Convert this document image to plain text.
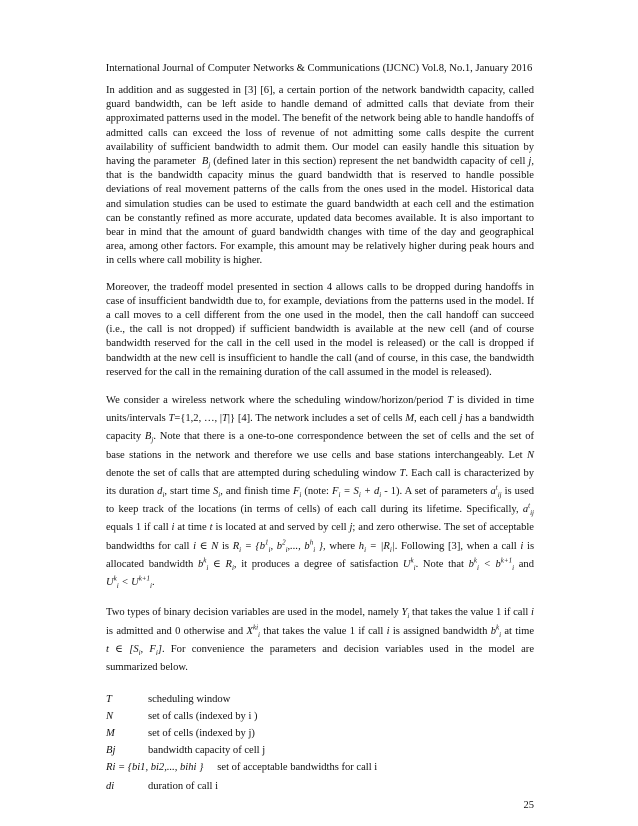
International Journal of Computer Networks & Communications (IJCNC) Vol.8, No.1, January 2016

In addition and as suggested in [3] [6], a certain portion of the network bandwidth capacity, called guard bandwidth, can be left aside to handle demand of admitted calls that deviate from their approximated patterns used in the model. The benefit of the network being able to handle handoffs of admitted calls can exceed the loss of revenue of not admitting some calls despite the current availability of sufficient bandwidth to admit them. Our model can easily handle this situation by having the parameter $B_j$ (defined later in this section) represent the net bandwidth capacity of cell j, that is the bandwidth capacity minus the guard bandwidth that is reserved to handle possible deviations of real movement patterns of the calls from the ones used in the model. Historical data and simulation studies can be used to estimate the guard bandwidth at each cell and the estimation can be constantly refined as more accurate, updated data becomes available. It is also important to bear in mind that the amount of guard bandwidth changes with time of the day and geographical area, among other factors. For example, this amount may be relatively higher during peak hours and in cells where call mobility is higher.

Moreover, the tradeoff model presented in section 4 allows calls to be dropped during handoffs in case of insufficient bandwidth due to, for example, deviations from the patterns used in the model. If a call moves to a cell different from the one used in the model, then the call handoff can succeed (i.e., the call is not dropped) if sufficient bandwidth is available at the new cell (and of course bandwidth reserved for the call in the cell used in the model is released) or the call is dropped if bandwidth at the new cell is insufficient to handle the call (and of course, in this case, the bandwidth reserved for the call in the remaining duration of the call assumed in the model is released).

We consider a wireless network where the scheduling window/horizon/period T is divided in time units/intervals T={1,2, …, |T|} [4]. The network includes a set of cells M, each cell j has a bandwidth capacity $B_j$. Note that there is a one-to-one correspondence between the set of cells and the set of base stations in the network and therefore we use cells and base stations interchangeably. Let N denote the set of calls that are attempted during scheduling window T. Each call is characterized by its duration $d_i$, start time $S_i$, and finish time $F_i$ (note: $F_i = S_i + d_i - 1$). A set of parameters $a^t_{ij}$ is used to keep track of the locations (in terms of cells) of each call during its lifetime. Specifically, $a^t_{ij}$ equals 1 if call i at time t is located at and served by cell j; and zero otherwise. The set of acceptable bandwidths for call i ∈ N is $R_i = \{b^1_i$, $b^2_i$,..., $b^h_i$ }, where $h_i = |R_i|$. Following [3], when a call i is allocated bandwidth $b^k_i$ ∈ $R_i$, it produces a degree of satisfaction $U^k_i$. Note that $b^k_i < b^{k+1}_i$ and $U^k_i < U^{k+1}_i$.

Two types of binary decision variables are used in the model, namely $Y_i$ that takes the value 1 if call i is admitted and 0 otherwise and $X^{ki}_i$ that takes the value 1 if call i is assigned bandwidth $b^k_i$ at time t ∈ [$S_i$, $F_i$]. For convenience the parameters and decision variables used in the model are summarized below.

T	scheduling window
N	set of calls (indexed by i )
M	set of cells (indexed by j)
Bj	bandwidth capacity of cell j
Ri = {bi1, bi2,..., bihi } set of acceptable bandwidths for call i
di	duration of call i
25
